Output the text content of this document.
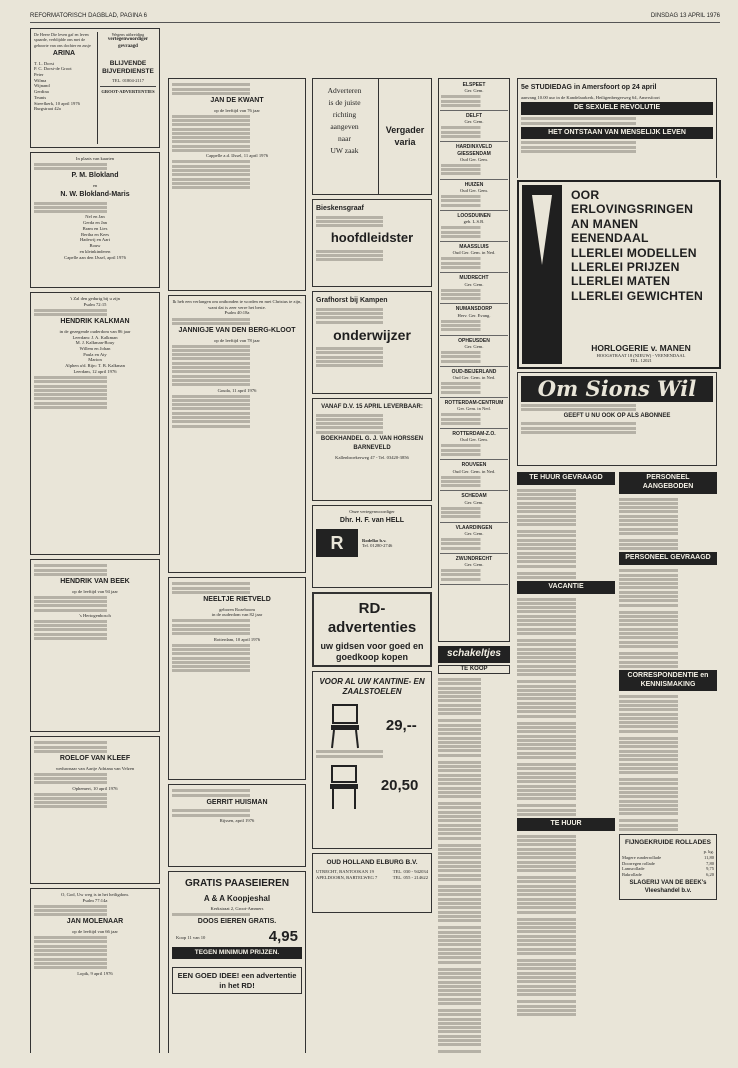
REFORMATORISCH DAGBLAD, PAGINA 6	DINSDAG 13 APRIL 1976
De Heere Die leven gaf en leven spaarde, verblijdde ons met de geboorte van ons dochter en zusje
ARINA
T. L. Dorst
P. C. Dorst-de Groot
Peter
Wilma
Wijnand
Gerdina
Teunis
Streefkerk, 10 april 1976
Burgstraat 42a
Wegens uitbreiding
vertegenwoordiger gevraagd
BLIJVENDE BIJVERDIENSTE
TEL. 01804-2117
GROOT-ADVERTENTIES
In plaats van kaarten
P. M. Blokland
en
N. W. Blokland-Maris
Nel en Jan
Gerda en Jan
Bram en Lies
Bertha en Kees
Hadewij en Aart
Bouw
en kleinkinderen
Capelle aan den IJssel, april 1976
't Zal den gedurig bij u zijn
Psalm 72:15
HENDRIK KALKMAN
in de gezegende ouderdom van 86 jaar
Leerdam: J. A. Kalkman
M. J. Kalkman-Bouy
Willem en Johan
Paula en Aty
Marion
Alphen a/d. Rijn: T. B. Kalkman
Leerdam, 12 april 1976
HENDRIK VAN BEEK
op de leeftijd van 94 jaar
's Hertogenbosch
ROELOF VAN KLEEF
weduwnaar van Aartje Adriana van Velzen
Ophemert, 10 april 1976
O, God, Uw weg is in het heiligdom.
Psalm 77:14a
JAN MOLENAAR
op de leeftijd van 66 jaar
Lopik, 9 april 1976
JAN DE KWANT
op de leeftijd van 76 jaar
Cappelle a.d. IJssel, 11 april 1976
Ik heb een verlangen om ontbonden te worden en met Christus te zijn, want dat is zeer verre het beste.
Psalm 40:18a
JANNIGJE VAN DEN BERG-KLOOT
op de leeftijd van 78 jaar
Gouda, 11 april 1976
NEELTJE RIETVELD
geboren Rozeboom
in de ouderdom van 82 jaar
Rotterdam, 10 april 1976
GERRIT HUISMAN
Rijssen, april 1976
GRATIS PAASEIEREN
A & A Koopjeshal
Kerkstraat 2, Groot-Ammers
DOOS EIEREN GRATIS.
Koop 11 van 10	4,95
TEGEN MINIMUM PRIJZEN.
EEN GOED IDEE! een advertentie in het RD!
Adverteren
is de juiste
richting
aangeven
naar
UW zaak
Vergader varia
Bieskensgraaf
hoofdleidster
Grafhorst bij Kampen
onderwijzer
VANAF D.V. 15 APRIL LEVERBAAR:
BOEKHANDEL G. J. VAN HORSSEN
BARNEVELD
Kallenbroekerweg 47 - Tel. 03420-3856
Onze vertegenwoordiger
Dhr. H. F. van HELL
R	Rodelko b.v.
Tel. 01280-2746
RD-advertenties
uw gidsen voor goed en goedkoop kopen
VOOR AL UW KANTINE- EN ZAALSTOELEN
29,--
20,50
OUD HOLLAND ELBURG B.V.
UTRECHT, BANTOOKAN 19	TEL. 030 - 942034
APELDOORN, BARTELWEG 7	TEL. 055 - 214622
ELSPEET
Ger. Gem.
DELFT
Ger. Gem.
HARDINXVELD GIESSENDAM
Oud Ger. Gem.
HUIZEN
Oud Ger. Gem.
LOOSDUINEN
geb. L.S.B.
MAASSLUIS
Oud Ger. Gem. in Ned.
MIJDRECHT
Ger. Gem.
NUMANSDORP
Herv. Ger. Evang.
OPHEUSDEN
Ger. Gem.
OUD-BEIJERLAND
Oud Ger. Gem. in Ned.
ROTTERDAM-CENTRUM
Ger. Gem. in Ned.
ROTTERDAM-Z.O.
Oud Ger. Gem.
ROUVEEN
Oud Ger. Gem. in Ned.
SCHEDAM
Ger. Gem.
VLAARDINGEN
Ger. Gem.
ZWIJNDRECHT
Ger. Gem.
schakeltjes
TE KOOP
5e STUDIEDAG in Amersfoort op 24 april
aanvang 10.00 uur in de Kandelaarkerk, Heiligenbergerweg 64, Amersfoort
DE SEXUELE REVOLUTIE
HET ONTSTAAN VAN MENSELIJK LEVEN
OOR
ERLOVINGSRINGEN
AN MANEN
EENENDAAL
LLERLEI MODELLEN
LLERLEI PRIJZEN
LLERLEI MATEN
LLERLEI GEWICHTEN
HORLOGERIE v. MANEN
HOOGSTRAAT 18 (NIEUW) - VEENENDAAL
TEL. 12021
Om Sions Wil
GEEFT U NU OOK OP ALS ABONNEE
TE HUUR GEVRAAGD
VACANTIE
TE HUUR
PERSONEEL AANGEBODEN
PERSONEEL GEVRAAGD
CORRESPONDENTIE en KENNISMAKING
FIJNGEKRUIDE ROLLADES
p. kg.
Magere runderrollade	11,80
Doorregen rollade	7,80
Lamsrollade	9,75
Bakrollade	6,20
SLAGERIJ VAN DE BEEK's Vleeshandel b.v.
